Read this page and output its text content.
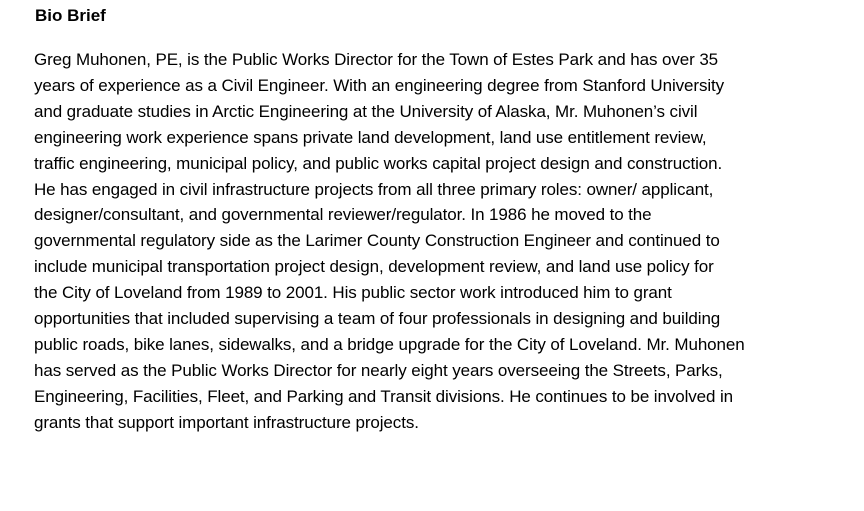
Bio Brief
Greg Muhonen, PE, is the Public Works Director for the Town of Estes Park and has over 35
years of experience as a Civil Engineer. With an engineering degree from Stanford University
and graduate studies in Arctic Engineering at the University of Alaska, Mr. Muhonen’s civil
engineering work experience spans private land development, land use entitlement review,
traffic engineering, municipal policy, and public works capital project design and construction.
He has engaged in civil infrastructure projects from all three primary roles: owner/ applicant,
designer/consultant, and governmental reviewer/regulator. In 1986 he moved to the
governmental regulatory side as the Larimer County Construction Engineer and continued to
include municipal transportation project design, development review, and land use policy for
the City of Loveland from 1989 to 2001. His public sector work introduced him to grant
opportunities that included supervising a team of four professionals in designing and building
public roads, bike lanes, sidewalks, and a bridge upgrade for the City of Loveland. Mr. Muhonen
has served as the Public Works Director for nearly eight years overseeing the Streets, Parks,
Engineering, Facilities, Fleet, and Parking and Transit divisions. He continues to be involved in
grants that support important infrastructure projects.
